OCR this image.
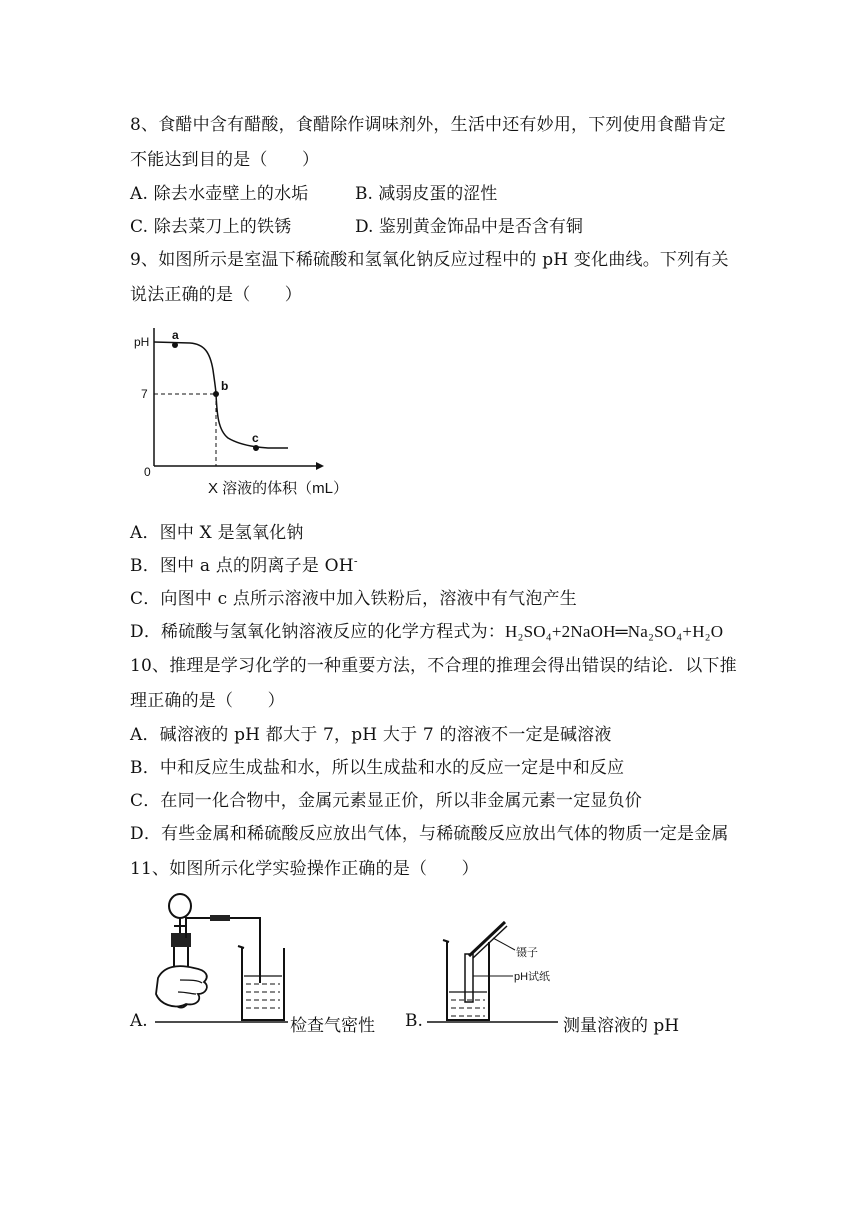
8、食醋中含有醋酸，食醋除作调味剂外，生活中还有妙用，下列使用食醋肯定
不能达到目的是（　　）
A. 除去水壶壁上的水垢	B. 减弱皮蛋的涩性
C. 除去菜刀上的铁锈	D. 鉴别黄金饰品中是否含有铜
9、如图所示是室温下稀硫酸和氢氧化钠反应过程中的 pH 变化曲线。下列有关
说法正确的是（　　）
pH
7
0
a
b
c
X 溶液的体积（mL）
A．图中 X 是氢氧化钠
B．图中 a 点的阴离子是 OH-
C．向图中 c 点所示溶液中加入铁粉后，溶液中有气泡产生
D．稀硫酸与氢氧化钠溶液反应的化学方程式为：H₂SO₄+2NaOH═Na₂SO₄+H₂O
10、推理是学习化学的一种重要方法，不合理的推理会得出错误的结论．以下推
理正确的是（　　）
A．碱溶液的 pH 都大于 7，pH 大于 7 的溶液不一定是碱溶液
B．中和反应生成盐和水，所以生成盐和水的反应一定是中和反应
C．在同一化合物中，金属元素显正价，所以非金属元素一定显负价
D．有些金属和稀硫酸反应放出气体，与稀硫酸反应放出气体的物质一定是金属
11、如图所示化学实验操作正确的是（　　）
A.	检查气密性 B.
镊子
pH试纸
测量溶液的 pH
